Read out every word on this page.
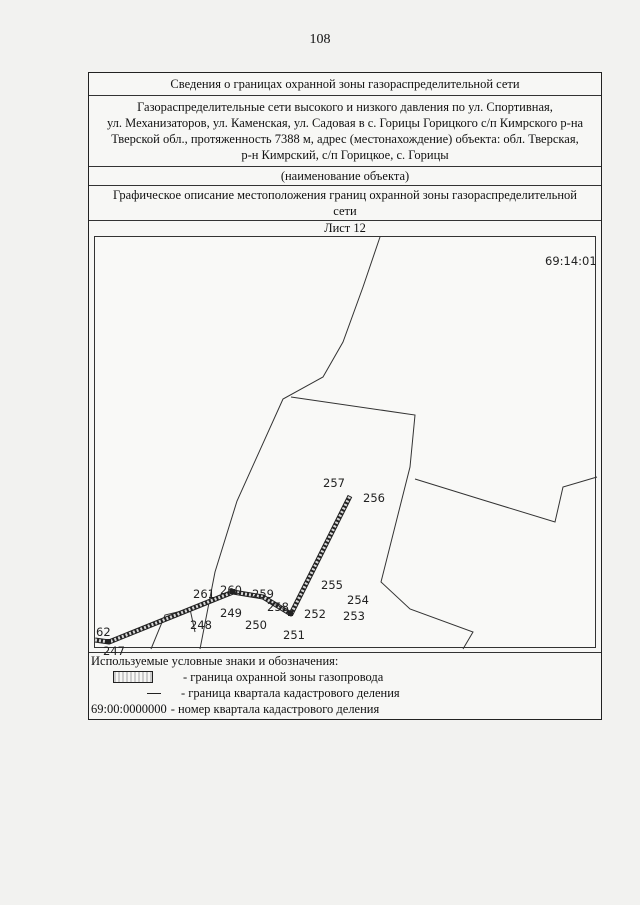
108
Сведения о границах охранной зоны газораспределительной сети
Газораспределительные сети высокого и низкого давления по ул. Спортивная,
ул. Механизаторов, ул. Каменская, ул. Садовая в с. Горицы Горицкого с/п Кимрского р-на
Тверской обл., протяженность 7388 м, адрес (местонахождение) объекта: обл. Тверская,
р-н Кимрский, с/п Горицкое, с. Горицы
(наименование объекта)
Графическое описание местоположения границ охранной зоны газораспределительной
сети
Лист 12
69:14:01
257
256
255
254
253
252
251
250
258
259
260
261
249
248
62
247
Используемые условные знаки и обозначения:
- граница охранной зоны газопровода
- граница квартала кадастрового деления
69:00:0000000 - номер квартала кадастрового деления
